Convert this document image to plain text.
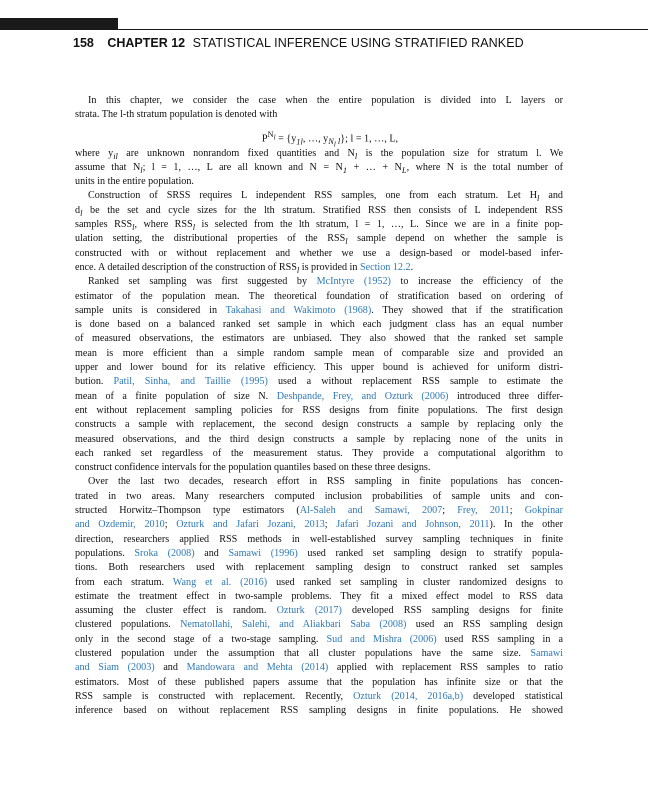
158 CHAPTER 12 STATISTICAL INFERENCE USING STRATIFIED RANKED
In this chapter, we consider the case when the entire population is divided into L layers or
strata. The l-th stratum population is denoted with
$P^{N_l} = \{y_{1l}$, …, $y_{N_l l}$}; l = 1, …, L,
where $y_{il}$ are unknown nonrandom fixed quantities and $N_l$ is the population size for stratum l. We
assume that $N_l$; l = 1, …, L are all known and $N = N_1$ + … + $N_L$, where N is the total number of
units in the entire population.
Construction of SRSS requires L independent RSS samples, one from each stratum. Let $H_l$ and
$d_l$ be the set and cycle sizes for the lth stratum. Stratified RSS then consists of L independent RSS
samples $RSS_l$, where $RSS_l$ is selected from the lth stratum, l = 1, …, L. Since we are in a finite pop-
ulation setting, the distributional properties of the $RSS_l$ sample depend on whether the sample is
constructed with or without replacement and whether we use a design-based or model-based infer-
ence. A detailed description of the construction of $RSS_l$ is provided in Section 12.2.
Ranked set sampling was first suggested by McIntyre (1952) to increase the efficiency of the
estimator of the population mean. The theoretical foundation of stratification based on ordering of
sample units is considered in Takahasi and Wakimoto (1968). They showed that if the stratification
is done based on a balanced ranked set sample in which each judgment class has an equal number
of measured observations, the estimators are unbiased. They also showed that the ranked set sample
mean is more efficient than a simple random sample mean of comparable size and provided an
upper and lower bound for its relative efficiency. This upper bound is achieved for uniform distri-
bution. Patil, Sinha, and Taillie (1995) used a without replacement RSS sample to estimate the
mean of a finite population of size N. Deshpande, Frey, and Ozturk (2006) introduced three differ-
ent without replacement sampling policies for RSS designs from finite populations. The first design
constructs a sample with replacement, the second design constructs a sample by replacing only the
measured observations, and the third design constructs a sample by replacing none of the units in
each ranked set regardless of the measurement status. They provide a computational algorithm to
construct confidence intervals for the population quantiles based on these three designs.
Over the last two decades, research effort in RSS sampling in finite populations has concen-
trated in two areas. Many researchers computed inclusion probabilities of sample units and con-
structed Horwitz–Thompson type estimators (Al-Saleh and Samawi, 2007; Frey, 2011; Gokpinar
and Ozdemir, 2010; Ozturk and Jafari Jozani, 2013; Jafari Jozani and Johnson, 2011). In the other
direction, researchers applied RSS methods in well-established survey sampling techniques in finite
populations. Sroka (2008) and Samawi (1996) used ranked set sampling design to stratify popula-
tions. Both researchers used with replacement sampling design to construct ranked set samples
from each stratum. Wang et al. (2016) used ranked set sampling in cluster randomized designs to
estimate the treatment effect in two-sample problems. They fit a mixed effect model to RSS data
assuming the cluster effect is random. Ozturk (2017) developed RSS sampling designs for finite
clustered populations. Nematollahi, Salehi, and Aliakbari Saba (2008) used an RSS sampling design
only in the second stage of a two-stage sampling. Sud and Mishra (2006) used RSS sampling in a
clustered population under the assumption that all cluster populations have the same size. Samawi
and Siam (2003) and Mandowara and Mehta (2014) applied with replacement RSS samples to ratio
estimators. Most of these published papers assume that the population has infinite size or that the
RSS sample is constructed with replacement. Recently, Ozturk (2014, 2016a,b) developed statistical
inference based on without replacement RSS sampling designs in finite populations. He showed
